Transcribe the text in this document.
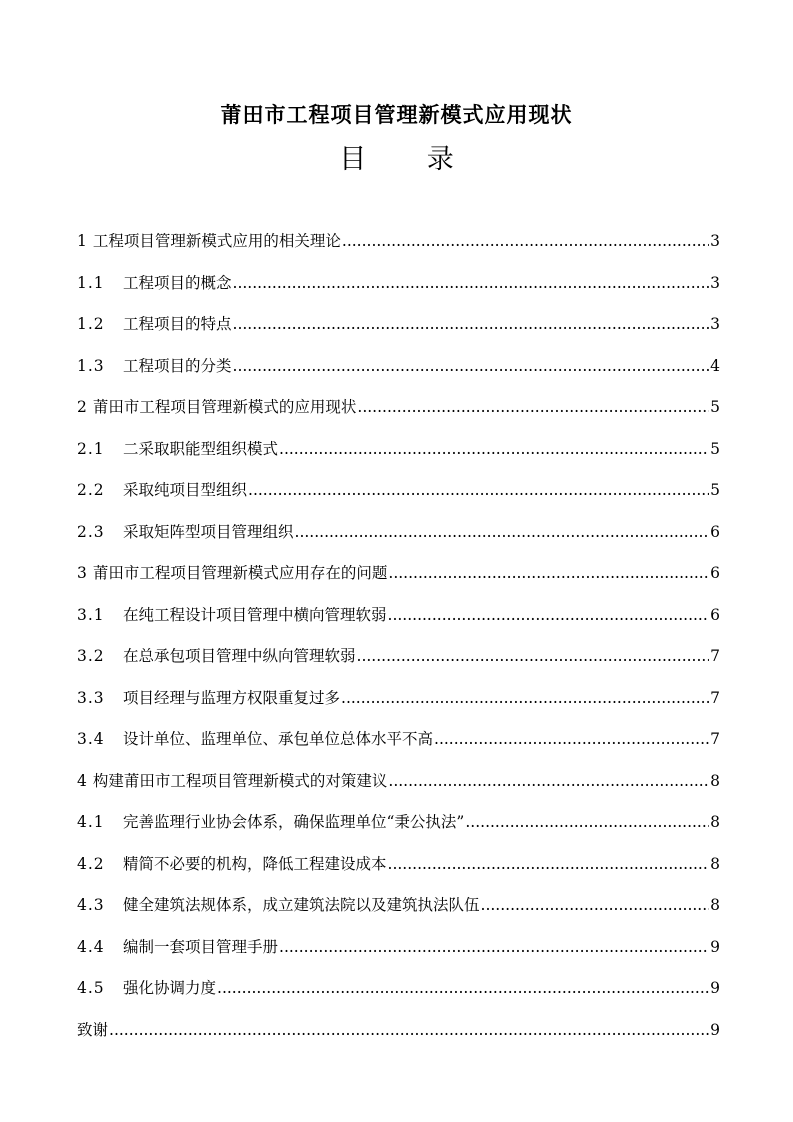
莆田市工程项目管理新模式应用现状
目 录
1 工程项目管理新模式应用的相关理论 .....	3
1.1	工程项目的概念 .....	3
1.2	工程项目的特点 .....	3
1.3	工程项目的分类 .....	4
2 莆田市工程项目管理新模式的应用现状 .....	5
2.1	二采取职能型组织模式 .....	5
2.2	采取纯项目型组织 .....	5
2.3	采取矩阵型项目管理组织 .....	6
3 莆田市工程项目管理新模式应用存在的问题 .....	6
3.1	在纯工程设计项目管理中横向管理软弱 .....	6
3.2	在总承包项目管理中纵向管理软弱 .....	7
3.3	项目经理与监理方权限重复过多 .....	7
3.4	设计单位、监理单位、承包单位总体水平不高 .....	7
4 构建莆田市工程项目管理新模式的对策建议 .....	8
4.1	完善监理行业协会体系，确保监理单位“秉公执法” .....	8
4.2	精简不必要的机构，降低工程建设成本 .....	8
4.3	健全建筑法规体系，成立建筑法院以及建筑执法队伍 .....	8
4.4	编制一套项目管理手册 .....	9
4.5	强化协调力度 .....	9
致谢 .....	9
